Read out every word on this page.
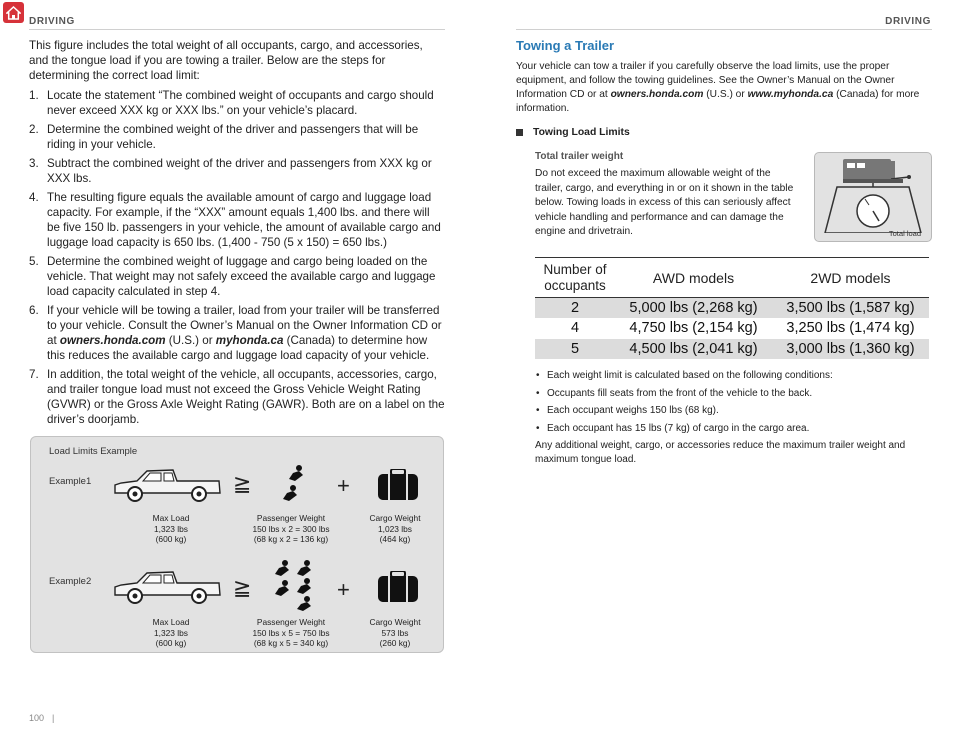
DRIVING	DRIVING

This figure includes the total weight of all occupants, cargo, and accessories, and the tongue load if you are towing a trailer. Below are the steps for determining the correct load limit:

1. Locate the statement “The combined weight of occupants and cargo should never exceed XXX kg or XXX lbs.” on your vehicle’s placard.
2. Determine the combined weight of the driver and passengers that will be riding in your vehicle.
3. Subtract the combined weight of the driver and passengers from XXX kg or XXX lbs.
4. The resulting figure equals the available amount of cargo and luggage load capacity. For example, if the “XXX” amount equals 1,400 lbs. and there will be five 150 lb. passengers in your vehicle, the amount of available cargo and luggage load capacity is 650 lbs. (1,400 - 750 (5 x 150) = 650 lbs.)
5. Determine the combined weight of luggage and cargo being loaded on the vehicle. That weight may not safely exceed the available cargo and luggage load capacity calculated in step 4.
6. If your vehicle will be towing a trailer, load from your trailer will be transferred to your vehicle. Consult the Owner’s Manual on the Owner Information CD or at owners.honda.com (U.S.) or myhonda.ca (Canada) to determine how this reduces the available cargo and luggage load capacity of your vehicle.
7. In addition, the total weight of the vehicle, all occupants, accessories, cargo, and trailer tongue load must not exceed the Gross Vehicle Weight Rating (GVWR) or the Gross Axle Weight Rating (GAWR). Both are on a label on the driver’s doorjamb.
Load Limits Example
Example1	≧	+
Max Load
1,323 lbs
(600 kg)
Passenger Weight
150 lbs x 2 = 300 lbs
(68 kg x 2 = 136 kg)
Cargo Weight
1,023 lbs
(464 kg)
Example2	≧	+
Max Load
1,323 lbs
(600 kg)
Passenger Weight
150 lbs x 5 = 750 lbs
(68 kg x 5 = 340 kg)
Cargo Weight
573 lbs
(260 kg)
Towing a Trailer

Your vehicle can tow a trailer if you carefully observe the load limits, use the proper equipment, and follow the towing guidelines. See the Owner’s Manual on the Owner Information CD or at owners.honda.com (U.S.) or www.myhonda.ca (Canada) for more information.

Towing Load Limits
Total trailer weight

Do not exceed the maximum allowable weight of the trailer, cargo, and everything in or on it shown in the table below. Towing loads in excess of this can seriously affect vehicle handling and performance and can damage the engine and drivetrain.	Total load
Number of occupants	AWD models	2WD models
2	5,000 lbs (2,268 kg)	3,500 lbs (1,587 kg)
4	4,750 lbs (2,154 kg)	3,250 lbs (1,474 kg)
5	4,500 lbs (2,041 kg)	3,000 lbs (1,360 kg)
• Each weight limit is calculated based on the following conditions:
• Occupants fill seats from the front of the vehicle to the back.
• Each occupant weighs 150 lbs (68 kg).
• Each occupant has 15 lbs (7 kg) of cargo in the cargo area.

Any additional weight, cargo, or accessories reduce the maximum trailer weight and maximum tongue load.

100 |
